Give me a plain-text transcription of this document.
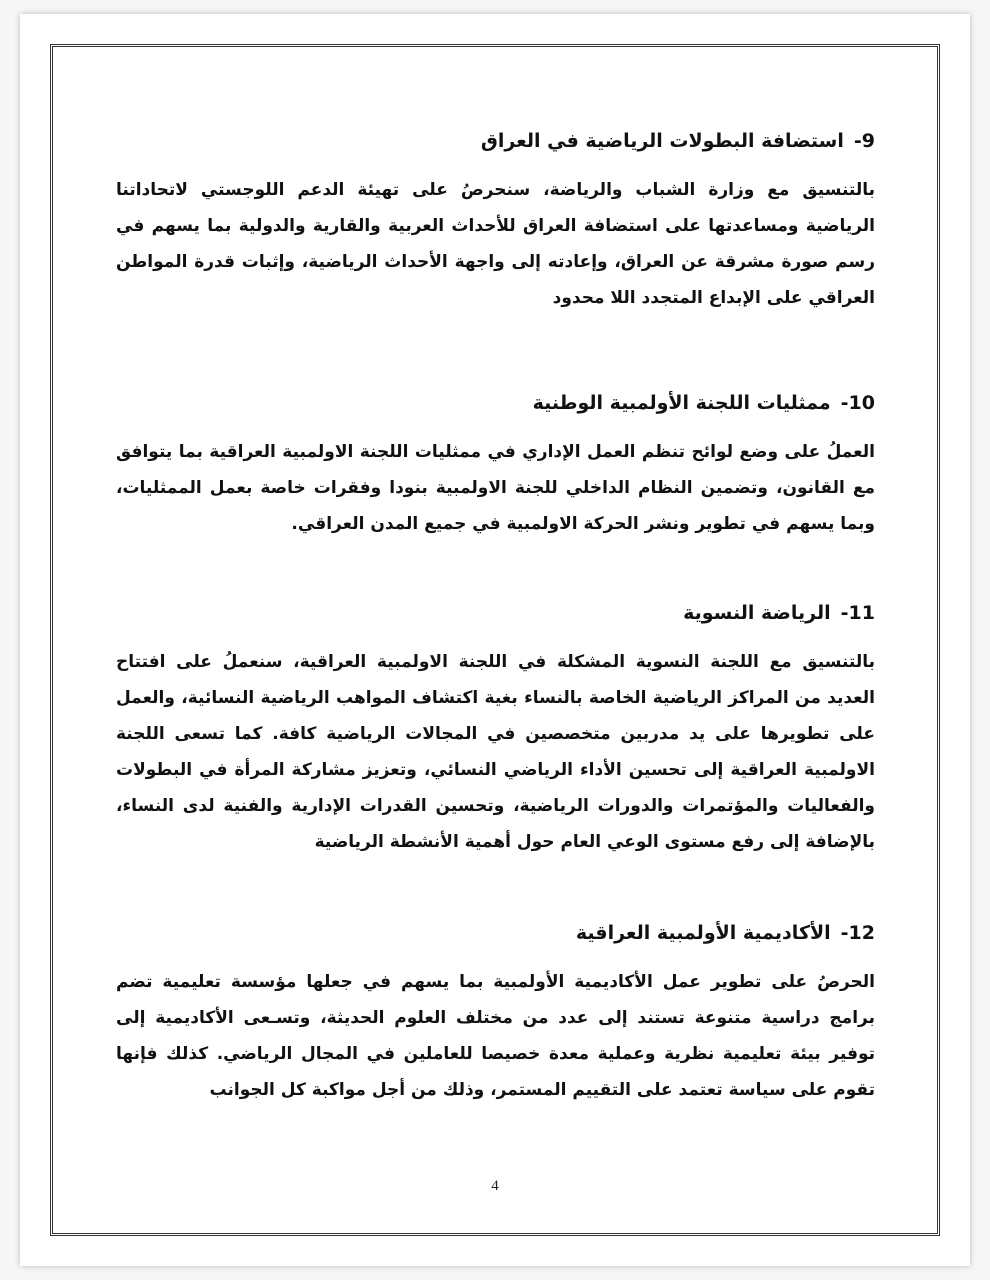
9-استضافة البطولات الرياضية في العراق
بالتنسيق مع وزارة الشباب والرياضة، سنحرصُ على تهيئة الدعم اللوجستي لاتحاداتنا الرياضية ومساعدتها على استضافة العراق للأحداث العربية والقارية والدولية بما يسهم في رسم صورة مشرقة عن العراق، وإعادته إلى واجهة الأحداث الرياضية، وإثبات قدرة المواطن العراقي على الإبداع المتجدد اللا محدود
10-ممثليات اللجنة الأولمبية الوطنية
العملُ على وضع لوائح تنظم العمل الإداري في ممثليات اللجنة الاولمبية العراقية بما يتوافق مع القانون، وتضمين النظام الداخلي للجنة الاولمبية بنودا وفقرات خاصة بعمل الممثليات، وبما يسهم في تطوير ونشر الحركة الاولمبية في جميع المدن العراقي.
11-الرياضة النسوية
بالتنسيق مع اللجنة النسوية المشكلة في اللجنة الاولمبية العراقية، سنعملُ على افتتاح العديد من المراكز الرياضية الخاصة بالنساء بغية اكتشاف المواهب الرياضية النسائية، والعمل على تطويرها على يد مدربين متخصصين في المجالات الرياضية كافة. كما تسعى اللجنة الاولمبية العراقية إلى تحسين الأداء الرياضي النسائي، وتعزيز مشاركة المرأة في البطولات والفعاليات والمؤتمرات والدورات الرياضية، وتحسين القدرات الإدارية والفنية لدى النساء، بالإضافة إلى رفع مستوى الوعي العام حول أهمية الأنشطة الرياضية
12-الأكاديمية الأولمبية العراقية
الحرصُ على تطوير عمل الأكاديمية الأولمبية بما يسهم في جعلها مؤسسة تعليمية تضم برامج دراسية متنوعة تستند إلى عدد من مختلف العلوم الحديثة، وتسـعى الأكاديمية إلى توفير بيئة تعليمية نظرية وعملية معدة خصيصا للعاملين في المجال الرياضي. كذلك فإنها تقوم على سياسة تعتمد على التقييم المستمر، وذلك من أجل مواكبة كل الجوانب
4
